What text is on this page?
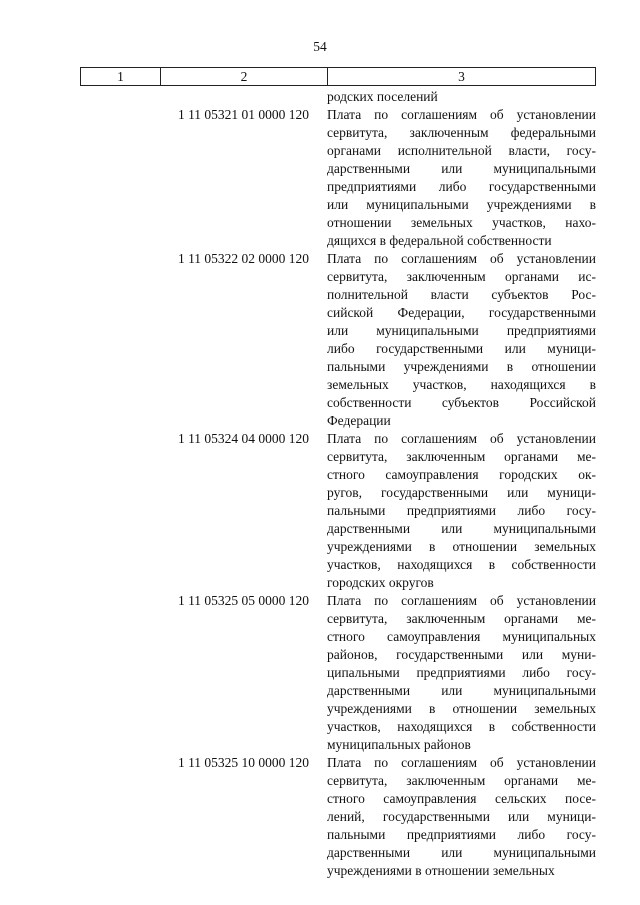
54
1	2	3
родских поселений
1 11 05321 01 0000 120	Плата по соглашениям об установлении
сервитута, заключенным федеральными
органами исполнительной власти, госу-
дарственными или муниципальными
предприятиями либо государственными
или муниципальными учреждениями в
отношении земельных участков, нахо-
дящихся в федеральной собственности
1 11 05322 02 0000 120	Плата по соглашениям об установлении
сервитута, заключенным органами ис-
полнительной власти субъектов Рос-
сийской Федерации, государственными
или муниципальными предприятиями
либо государственными или муници-
пальными учреждениями в отношении
земельных участков, находящихся в
собственности субъектов Российской
Федерации
1 11 05324 04 0000 120	Плата по соглашениям об установлении
сервитута, заключенным органами ме-
стного самоуправления городских ок-
ругов, государственными или муници-
пальными предприятиями либо госу-
дарственными или муниципальными
учреждениями в отношении земельных
участков, находящихся в собственности
городских округов
1 11 05325 05 0000 120	Плата по соглашениям об установлении
сервитута, заключенным органами ме-
стного самоуправления муниципальных
районов, государственными или муни-
ципальными предприятиями либо госу-
дарственными или муниципальными
учреждениями в отношении земельных
участков, находящихся в собственности
муниципальных районов
1 11 05325 10 0000 120	Плата по соглашениям об установлении
сервитута, заключенным органами ме-
стного самоуправления сельских посе-
лений, государственными или муници-
пальными предприятиями либо госу-
дарственными или муниципальными
учреждениями в отношении земельных
